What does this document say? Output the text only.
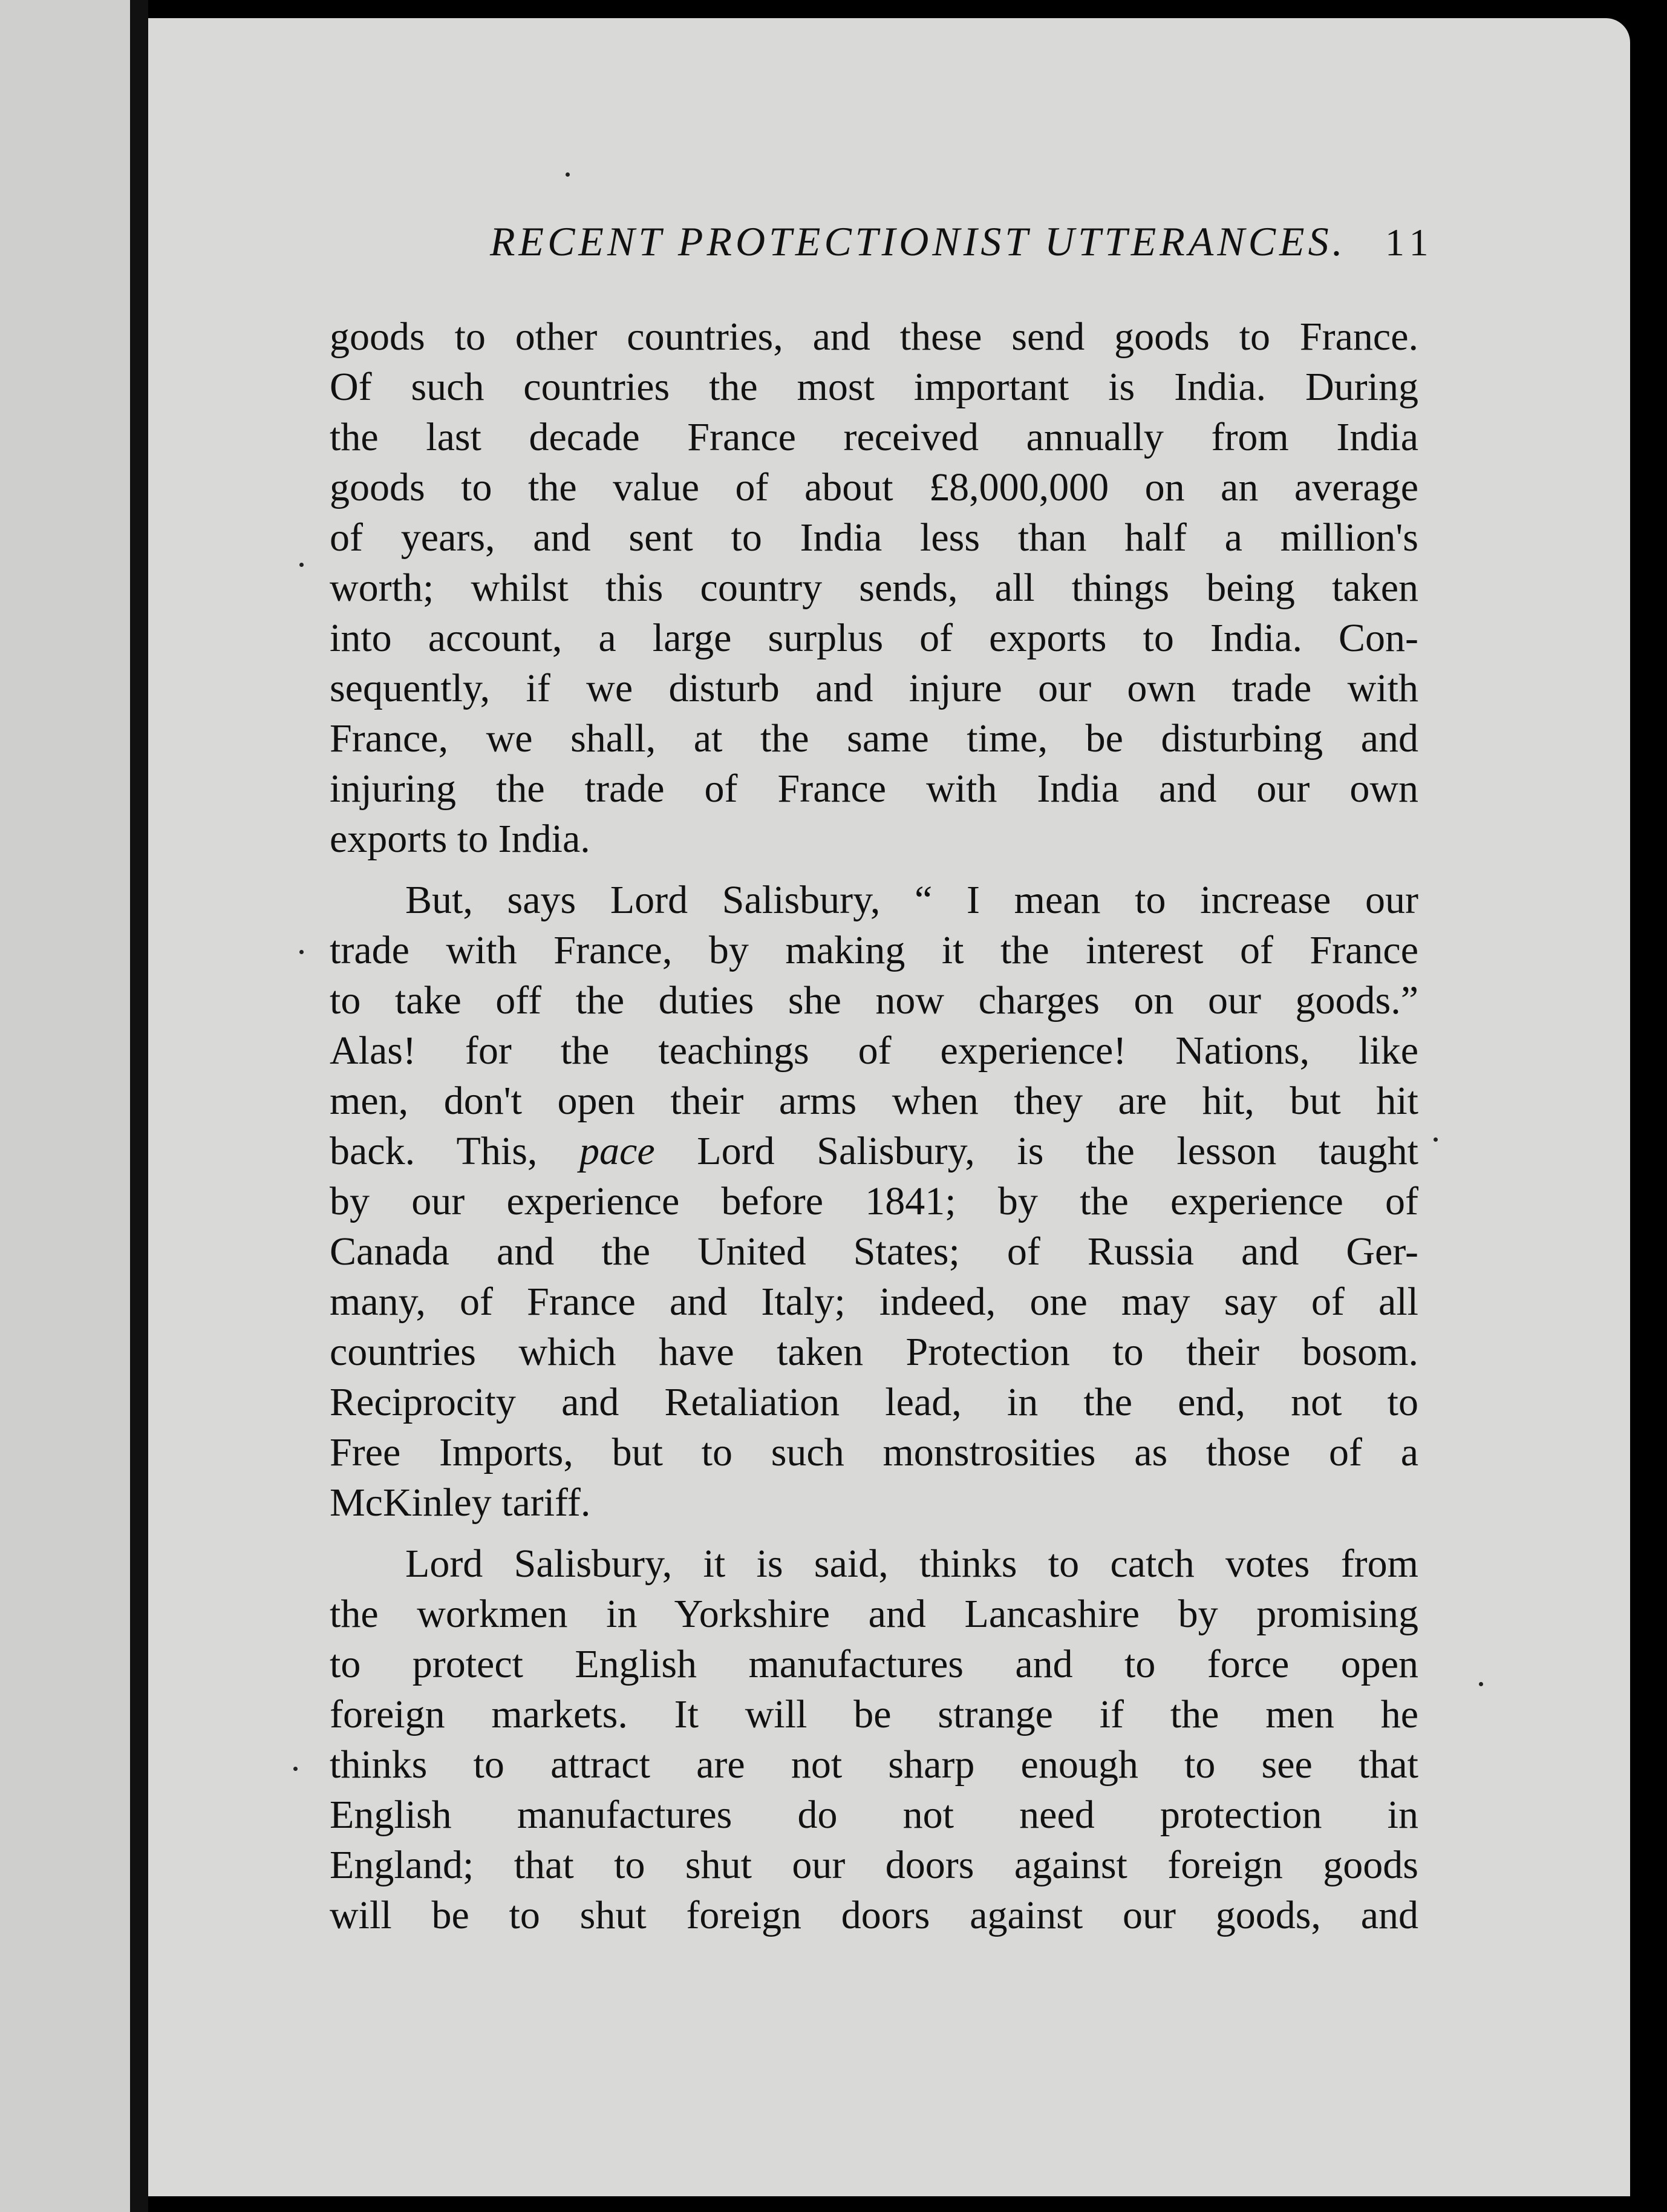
RECENT PROTECTIONIST UTTERANCES. 11
goods to other countries, and these send goods to France.
Of such countries the most important is India. During
the last decade France received annually from India
goods to the value of about £8,000,000 on an average
of years, and sent to India less than half a million's
worth; whilst this country sends, all things being taken
into account, a large surplus of exports to India. Con-
sequently, if we disturb and injure our own trade with
France, we shall, at the same time, be disturbing and
injuring the trade of France with India and our own
exports to India.
But, says Lord Salisbury, “ I mean to increase our
trade with France, by making it the interest of France
to take off the duties she now charges on our goods.”
Alas! for the teachings of experience! Nations, like
men, don't open their arms when they are hit, but hit
back. This, pace Lord Salisbury, is the lesson taught
by our experience before 1841; by the experience of
Canada and the United States; of Russia and Ger-
many, of France and Italy; indeed, one may say of all
countries which have taken Protection to their bosom.
Reciprocity and Retaliation lead, in the end, not to
Free Imports, but to such monstrosities as those of a
McKinley tariff.
Lord Salisbury, it is said, thinks to catch votes from
the workmen in Yorkshire and Lancashire by promising
to protect English manufactures and to force open
foreign markets. It will be strange if the men he
thinks to attract are not sharp enough to see that
English manufactures do not need protection in
England; that to shut our doors against foreign goods
will be to shut foreign doors against our goods, and
